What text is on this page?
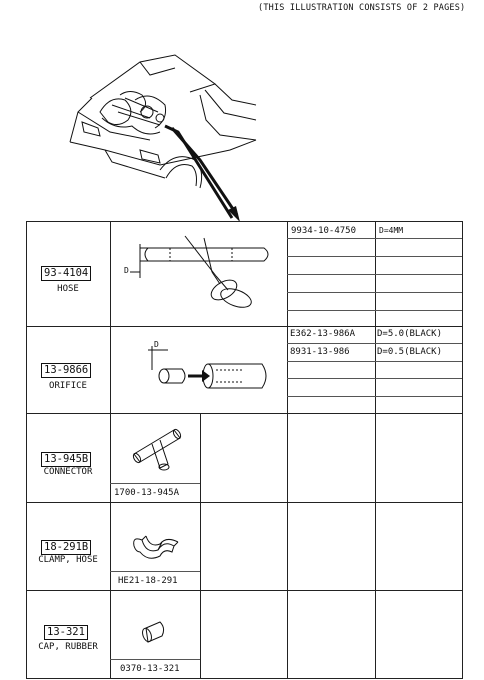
(THIS ILLUSTRATION CONSISTS OF 2 PAGES)
93-4104
HOSE
D
9934-10-4750	D=4MM
13-9866
ORIFICE
D
E362-13-986A D=5.0(BLACK)
8931-13-986	D=0.5(BLACK)
13-945B
CONNECTOR
1700-13-945A
18-291B
CLAMP, HOSE
HE21-18-291
13-321
CAP, RUBBER
0370-13-321
